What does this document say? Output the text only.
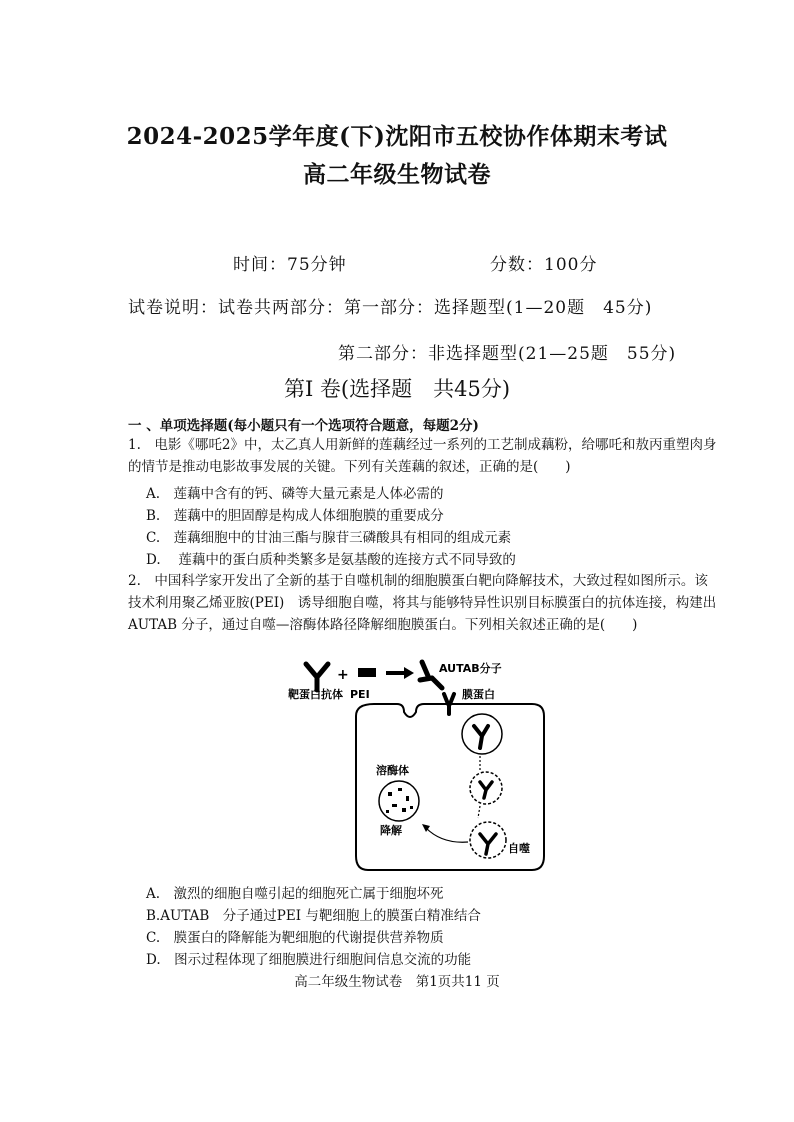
2024-2025学年度(下)沈阳市五校协作体期末考试
高二年级生物试卷
时间：75分钟	分数：100分
试卷说明：试卷共两部分：第一部分：选择题型(1—20题　45分)
第二部分：非选择题型(21—25题　55分)
第I 卷(选择题　共45分)
一 、单项选择题(每小题只有一个选项符合题意，每题2分)
1.　电影《哪吒2》中，太乙真人用新鲜的莲藕经过一系列的工艺制成藕粉，给哪吒和敖丙重塑肉身的情节是推动电影故事发展的关键。下列有关莲藕的叙述，正确的是(　　)
A.　莲藕中含有的钙、磷等大量元素是人体必需的
B.　莲藕中的胆固醇是构成人体细胞膜的重要成分
C.　莲藕细胞中的甘油三酯与腺苷三磷酸具有相同的组成元素
D.　 莲藕中的蛋白质种类繁多是氨基酸的连接方式不同导致的
2.　中国科学家开发出了全新的基于自噬机制的细胞膜蛋白靶向降解技术，大致过程如图所示。该技术利用聚乙烯亚胺(PEI)　诱导细胞自噬，将其与能够特异性识别目标膜蛋白的抗体连接，构建出AUTAB 分子，通过自噬—溶酶体路径降解细胞膜蛋白。下列相关叙述正确的是(　　)
+	AUTAB分子
靶蛋白抗体 PEI	膜蛋白
自噬
溶酶体
降解
A.　激烈的细胞自噬引起的细胞死亡属于细胞坏死
B.AUTAB　分子通过PEI 与靶细胞上的膜蛋白精准结合
C.　膜蛋白的降解能为靶细胞的代谢提供营养物质
D.　图示过程体现了细胞膜进行细胞间信息交流的功能
高二年级生物试卷　第1页共11 页
